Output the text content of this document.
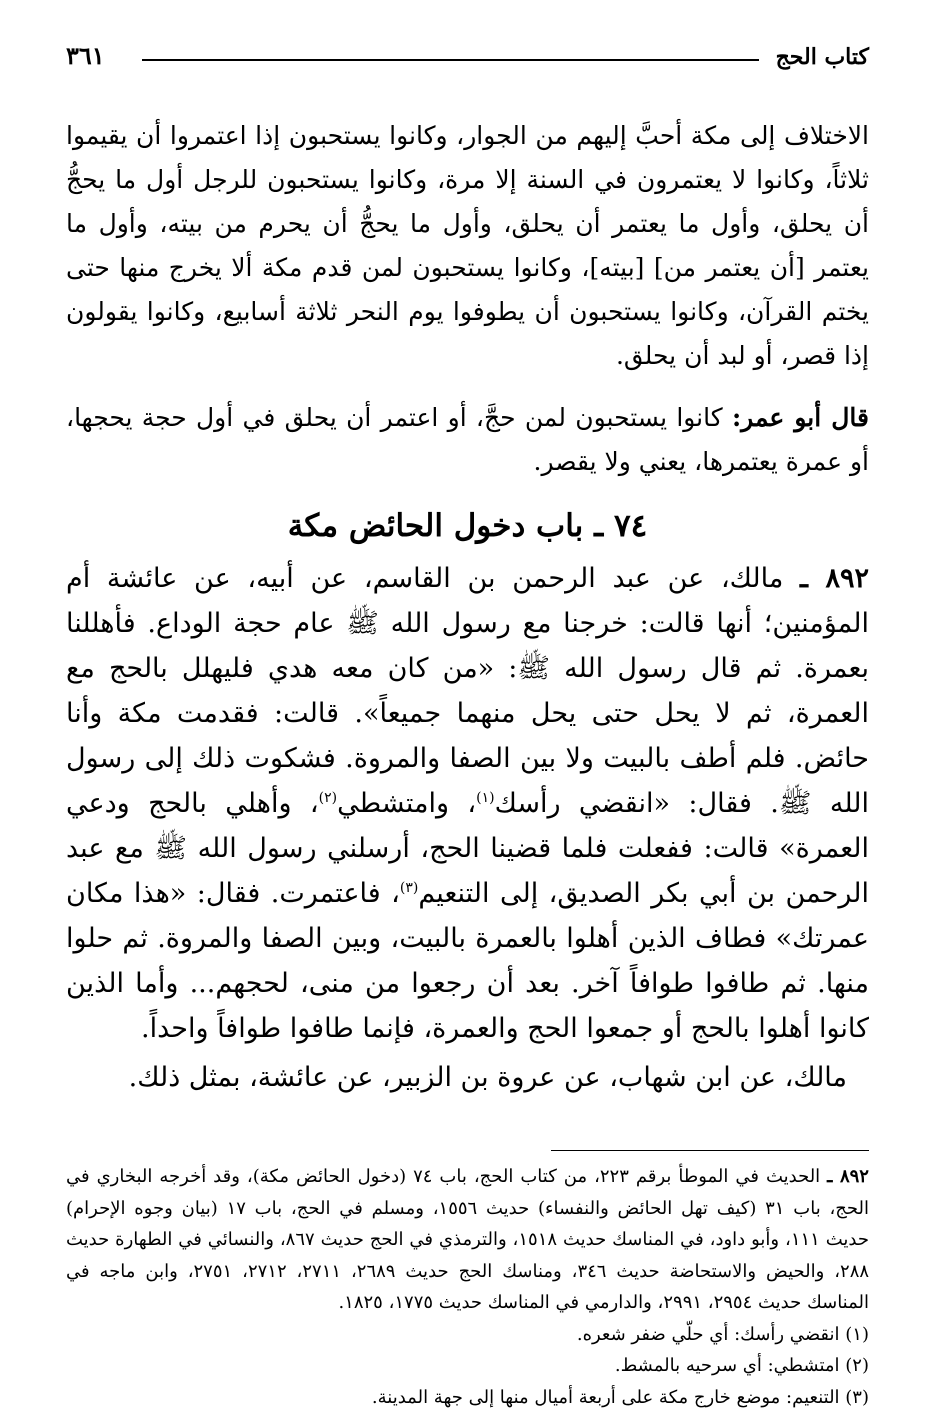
كتاب الحج
٣٦١

الاختلاف إلى مكة أحبَّ إليهم من الجوار، وكانوا يستحبون إذا اعتمروا أن يقيموا ثلاثاً، وكانوا لا يعتمرون في السنة إلا مرة، وكانوا يستحبون للرجل أول ما يحجُّ أن يحلق، وأول ما يعتمر أن يحلق، وأول ما يحجُّ أن يحرم من بيته، وأول ما يعتمر [أن يعتمر من] [بيته]، وكانوا يستحبون لمن قدم مكة ألا يخرج منها حتى يختم القرآن، وكانوا يستحبون أن يطوفوا يوم النحر ثلاثة أسابيع، وكانوا يقولون إذا قصر، أو لبد أن يحلق.

قال أبو عمر: كانوا يستحبون لمن حجَّ، أو اعتمر أن يحلق في أول حجة يحجها، أو عمرة يعتمرها، يعني ولا يقصر.

٧٤ ـ باب دخول الحائض مكة

٨٩٢ ـ مالك، عن عبد الرحمن بن القاسم، عن أبيه، عن عائشة أم المؤمنين؛ أنها قالت: خرجنا مع رسول الله ﷺ عام حجة الوداع. فأهللنا بعمرة. ثم قال رسول الله ﷺ: «من كان معه هدي فليهلل بالحج مع العمرة، ثم لا يحل حتى يحل منهما جميعاً». قالت: فقدمت مكة وأنا حائض. فلم أطف بالبيت ولا بين الصفا والمروة. فشكوت ذلك إلى رسول الله ﷺ. فقال: «انقضي رأسك$^{(١)}$، وامتشطي$^{(٢)}$، وأهلي بالحج ودعي العمرة» قالت: ففعلت فلما قضينا الحج، أرسلني رسول الله ﷺ مع عبد الرحمن بن أبي بكر الصديق، إلى التنعيم$^{(٣)}$، فاعتمرت. فقال: «هذا مكان عمرتك» فطاف الذين أهلوا بالعمرة بالبيت، وبين الصفا والمروة. ثم حلوا منها. ثم طافوا طوافاً آخر. بعد أن رجعوا من منى، لحجهم... وأما الذين كانوا أهلوا بالحج أو جمعوا الحج والعمرة، فإنما طافوا طوافاً واحداً.

مالك، عن ابن شهاب، عن عروة بن الزبير، عن عائشة، بمثل ذلك.

٨٩٢ ـ الحديث في الموطأ برقم ٢٢٣، من كتاب الحج، باب ٧٤ (دخول الحائض مكة)، وقد أخرجه البخاري في الحج، باب ٣١ (كيف تهل الحائض والنفساء) حديث ١٥٥٦، ومسلم في الحج، باب ١٧ (بيان وجوه الإحرام) حديث ١١١، وأبو داود، في المناسك حديث ١٥١٨، والترمذي في الحج حديث ٨٦٧، والنسائي في الطهارة حديث ٢٨٨، والحيض والاستحاضة حديث ٣٤٦، ومناسك الحج حديث ٢٦٨٩، ٢٧١١، ٢٧١٢، ٢٧٥١، وابن ماجه في المناسك حديث ٢٩٥٤، ٢٩٩١، والدارمي في المناسك حديث ١٧٧٥، ١٨٢٥.

(١) انقضي رأسك: أي حلّي ضفر شعره.

(٢) امتشطي: أي سرحيه بالمشط.

(٣) التنعيم: موضع خارج مكة على أربعة أميال منها إلى جهة المدينة.
